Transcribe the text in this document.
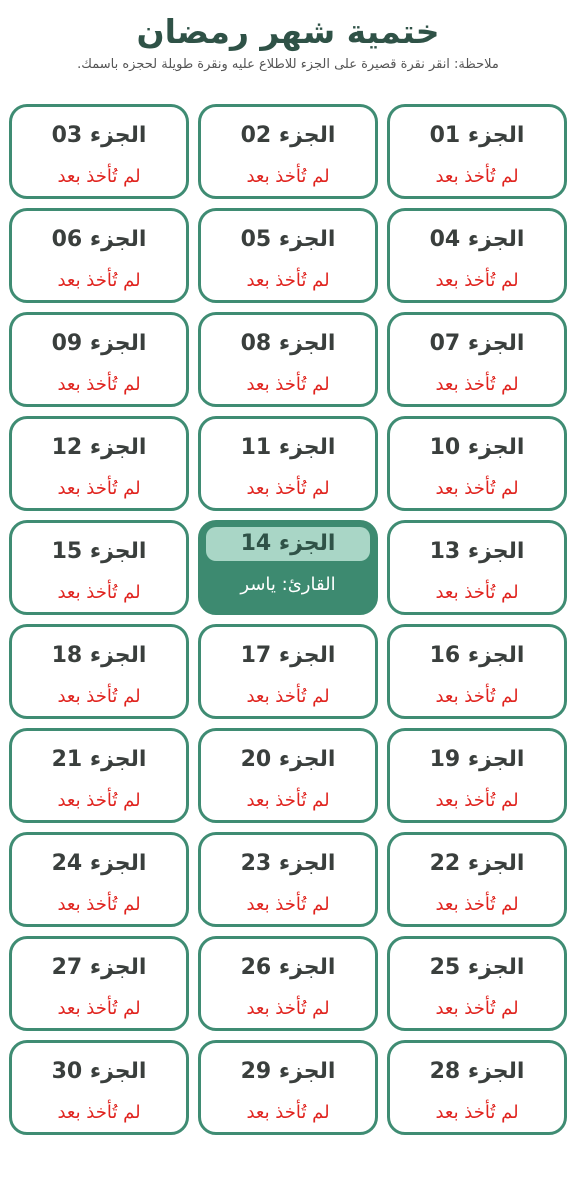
ختمية شهر رمضان
ملاحظة: انقر نقرة قصيرة على الجزء للاطلاع عليه ونقرة طويلة لحجزه باسمك.
الجزء 01
لم تُأخذ بعد
الجزء 02
لم تُأخذ بعد
الجزء 03
لم تُأخذ بعد
الجزء 04
لم تُأخذ بعد
الجزء 05
لم تُأخذ بعد
الجزء 06
لم تُأخذ بعد
الجزء 07
لم تُأخذ بعد
الجزء 08
لم تُأخذ بعد
الجزء 09
لم تُأخذ بعد
الجزء 10
لم تُأخذ بعد
الجزء 11
لم تُأخذ بعد
الجزء 12
لم تُأخذ بعد
الجزء 13
لم تُأخذ بعد
الجزء 14
القارئ: ياسر
الجزء 15
لم تُأخذ بعد
الجزء 16
لم تُأخذ بعد
الجزء 17
لم تُأخذ بعد
الجزء 18
لم تُأخذ بعد
الجزء 19
لم تُأخذ بعد
الجزء 20
لم تُأخذ بعد
الجزء 21
لم تُأخذ بعد
الجزء 22
لم تُأخذ بعد
الجزء 23
لم تُأخذ بعد
الجزء 24
لم تُأخذ بعد
الجزء 25
لم تُأخذ بعد
الجزء 26
لم تُأخذ بعد
الجزء 27
لم تُأخذ بعد
الجزء 28
لم تُأخذ بعد
الجزء 29
لم تُأخذ بعد
الجزء 30
لم تُأخذ بعد
